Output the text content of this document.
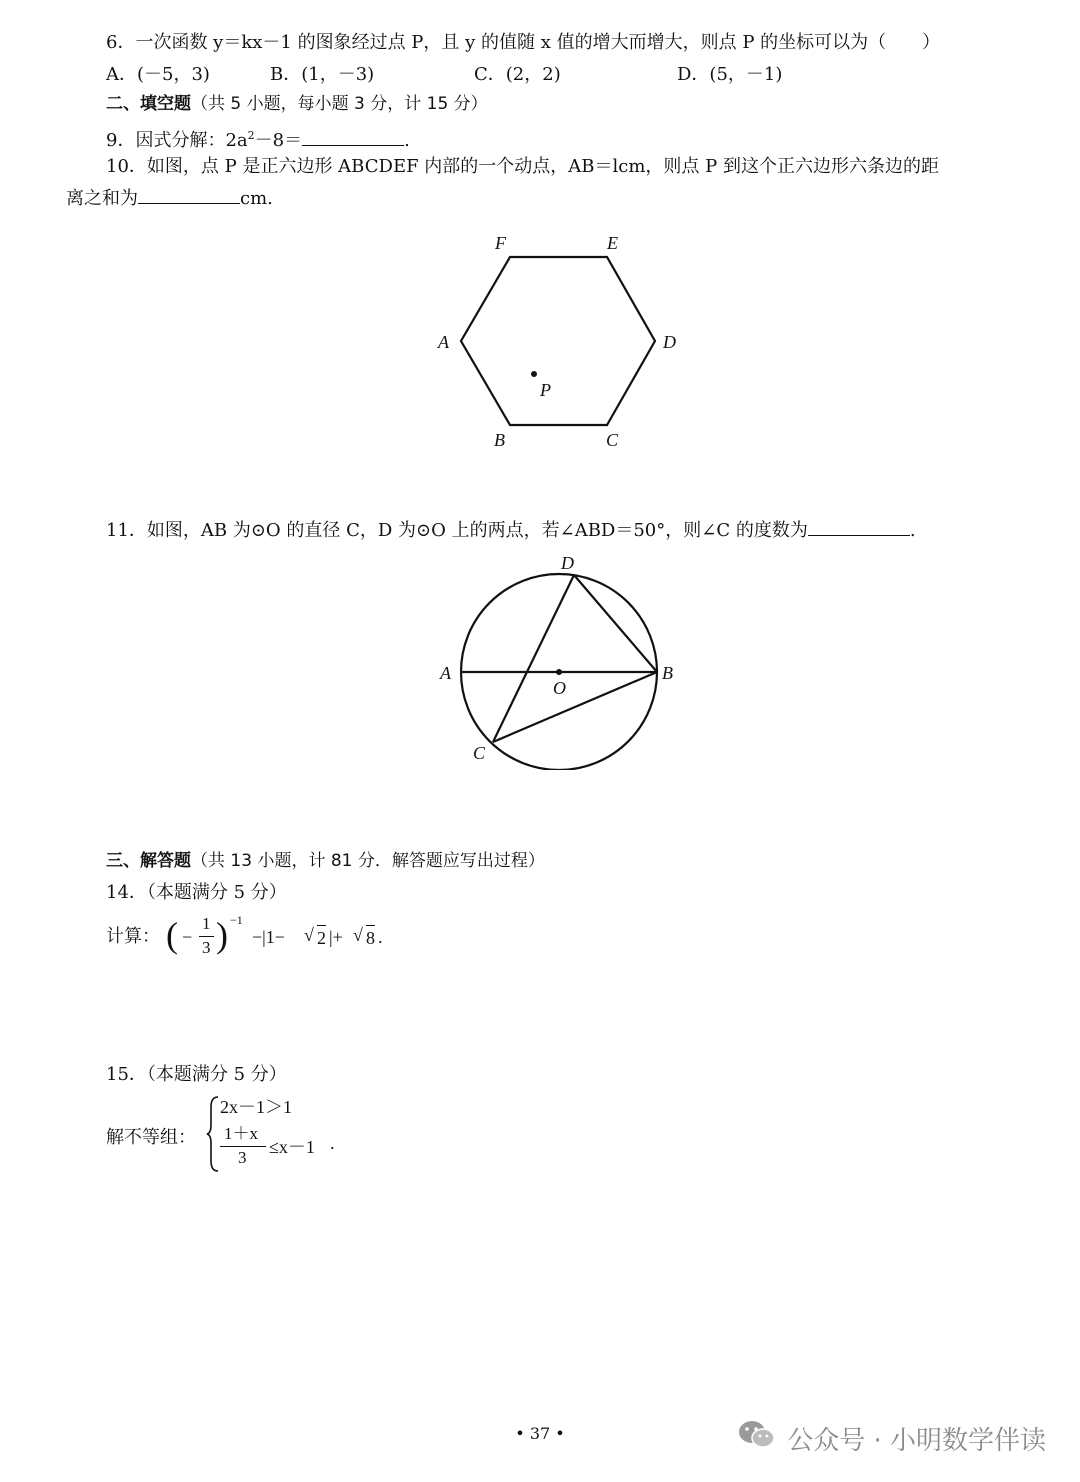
6．一次函数 y＝kx－1 的图象经过点 P，且 y 的值随 x 值的增大而增大，则点 P 的坐标可以为（　　）
A．(－5，3)	B．(1，－3)	C．(2，2)	D．(5，－1)
二、填空题（共 5 小题，每小题 3 分，计 15 分）
9．因式分解：$2a^2-8=$	.
10．如图，点 P 是正六边形 ABCDEF 内部的一个动点，AB＝lcm，则点 P 到这个正六边形六条边的距
离之和为	cm.
F	E
A	D
B	C
P
11．如图，AB 为⊙O 的直径 C，D 为⊙O 上的两点，若∠ABD＝50°，则∠C 的度数为	.
D
A	B
O
C
三、解答题（共 13 小题，计 81 分．解答题应写出过程）
14．（本题满分 5 分）
计算： ( −
1
3 ) −1
−|1− √ 2 |+ √ 8 .
15．（本题满分 5 分）
解不等组：
2x－1＞1
1＋x
3
≤x－1 .
• 37 •	公众号 · 小明数学伴读
